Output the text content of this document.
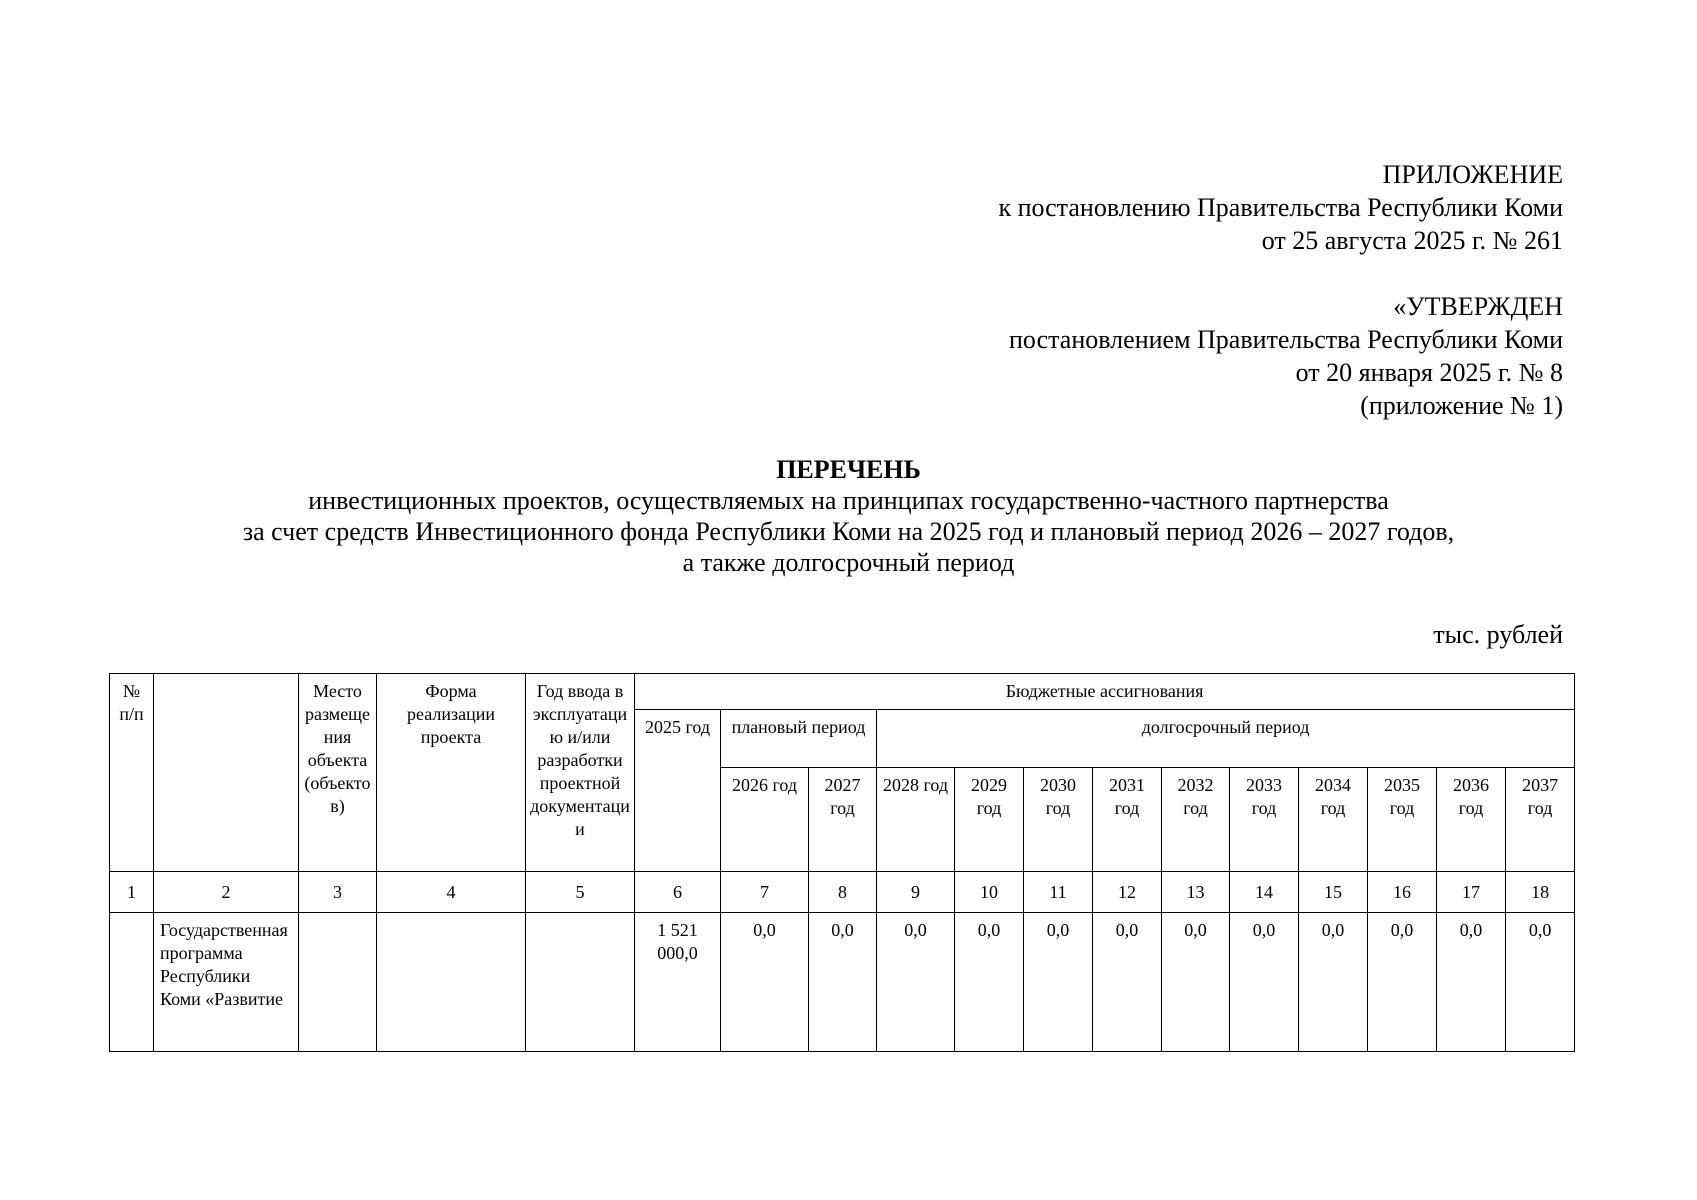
ПРИЛОЖЕНИЕ
к постановлению Правительства Республики Коми
от 25 августа 2025 г. № 261
«УТВЕРЖДЕН
постановлением Правительства Республики Коми
от 20 января 2025 г. № 8
(приложение № 1)
ПЕРЕЧЕНЬ
инвестиционных проектов, осуществляемых на принципах государственно-частного партнерства
за счет средств Инвестиционного фонда Республики Коми на 2025 год и плановый период 2026 – 2027 годов,
а также долгосрочный период
тыс. рублей
№ п/п		Место размещения объекта (объектов)	Форма реализации проекта	Год ввода в эксплуатацию и/или разработки проектной документации	Бюджетные ассигнования												
					2025 год	плановый период		долгосрочный период									
						2026 год	2027 год	2028 год	2029 год	2030 год	2031 год	2032 год	2033 год	2034 год	2035 год	2036 год	2037 год
1	2	3	4	5	6	7	8	9	10	11	12	13	14	15	16	17	18
	Государственная программа Республики Коми «Развитие				1 521 000,0	0,0	0,0	0,0	0,0	0,0	0,0	0,0	0,0	0,0	0,0	0,0	0,0
